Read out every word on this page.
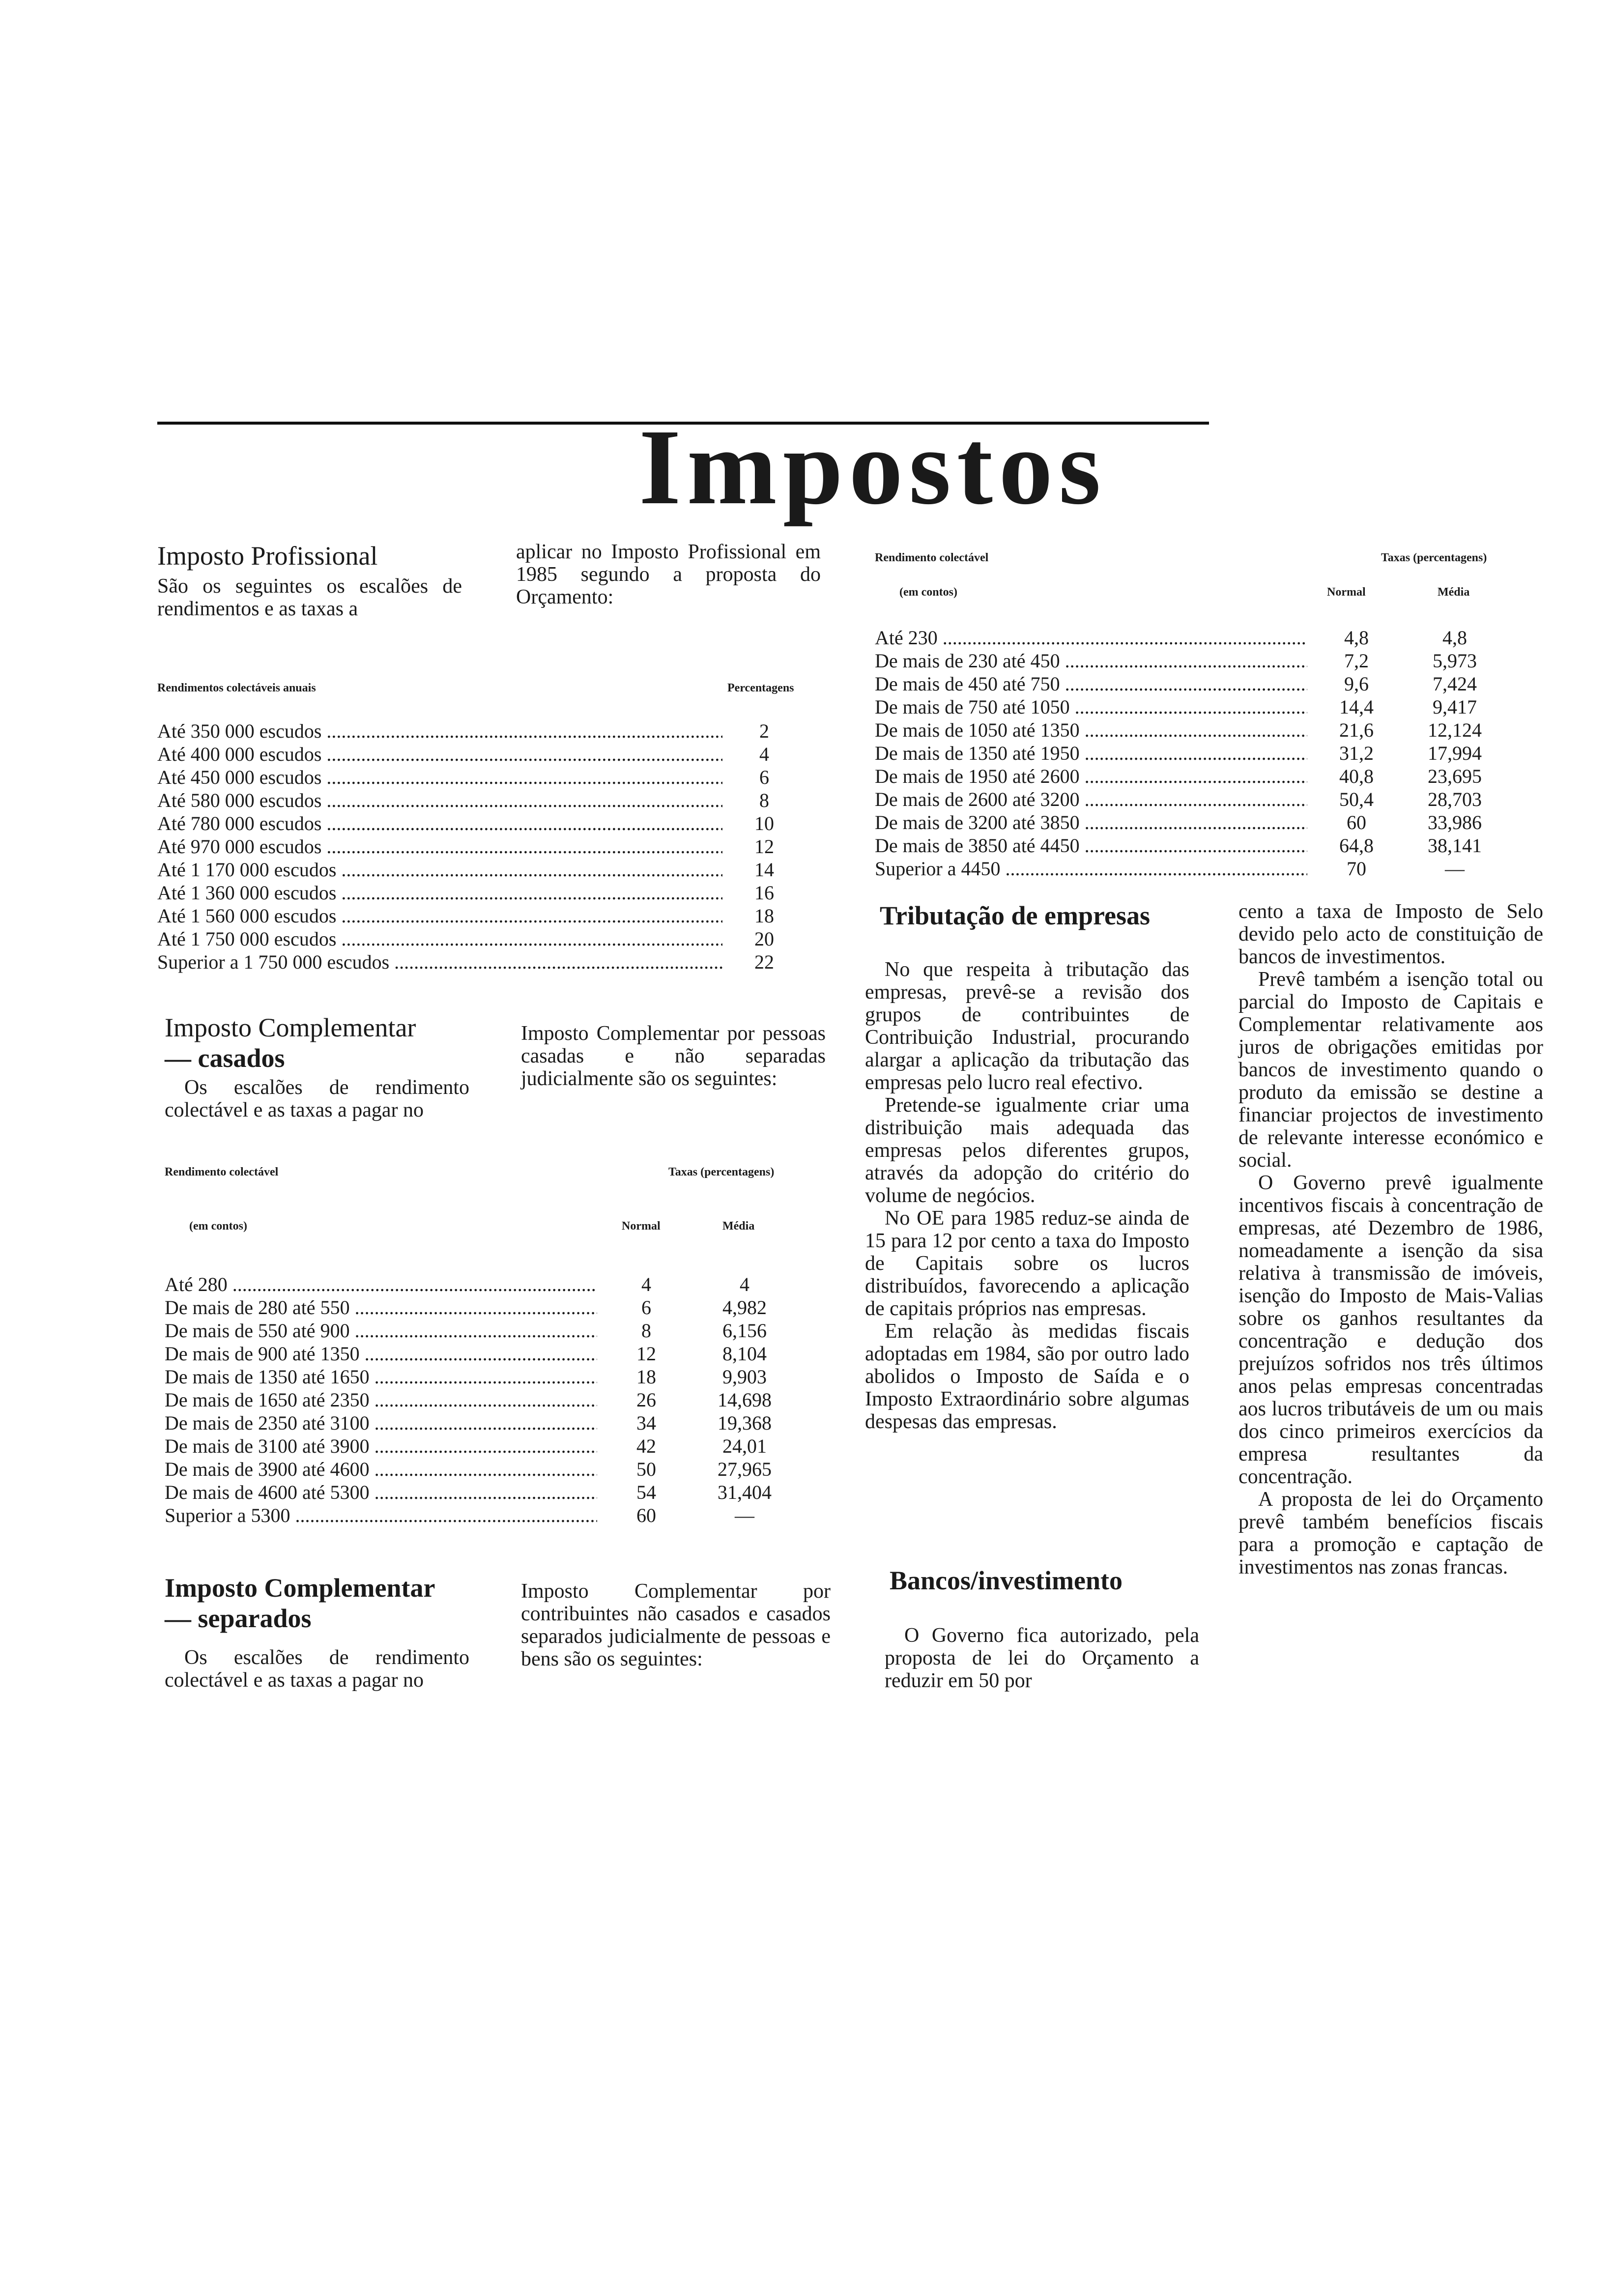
Impostos
Imposto Profissional
São os seguintes os escalões de rendimentos e as taxas a
aplicar no Imposto Profissional em 1985 segundo a proposta do Orçamento:
Rendimentos colectáveis anuais	Percentagens
Até 350 000 escudos .....	2
Até 400 000 escudos .....	4
Até 450 000 escudos .....	6
Até 580 000 escudos .....	8
Até 780 000 escudos .....	10
Até 970 000 escudos .....	12
Até 1 170 000 escudos .....	14
Até 1 360 000 escudos .....	16
Até 1 560 000 escudos .....	18
Até 1 750 000 escudos .....	20
Superior a 1 750 000 escudos .....	22
Imposto Complementar
— casados
Os escalões de rendimento colectável e as taxas a pagar no
Imposto Complementar por pessoas casadas e não separadas judicialmente são os seguintes:
Rendimento colectável	Taxas (percentagens)
(em contos)	Normal	Média
Até 280 .....	4	4
De mais de 280 até 550 .....	6	4,982
De mais de 550 até 900 .....	8	6,156
De mais de 900 até 1350 .....	12	8,104
De mais de 1350 até 1650 .....	18	9,903
De mais de 1650 até 2350 .....	26	14,698
De mais de 2350 até 3100 .....	34	19,368
De mais de 3100 até 3900 .....	42	24,01
De mais de 3900 até 4600 .....	50	27,965
De mais de 4600 até 5300 .....	54	31,404
Superior a 5300 .....	60	—
Imposto Complementar
— separados
Os escalões de rendimento colectável e as taxas a pagar no
Imposto Complementar por contribuintes não casados e casados separados judicialmente de pessoas e bens são os seguintes:
Rendimento colectável	Taxas (percentagens)
(em contos)	Normal	Média
Até 230 .....	4,8	4,8
De mais de 230 até 450 .....	7,2	5,973
De mais de 450 até 750 .....	9,6	7,424
De mais de 750 até 1050 .....	14,4	9,417
De mais de 1050 até 1350 .....	21,6	12,124
De mais de 1350 até 1950 .....	31,2	17,994
De mais de 1950 até 2600 .....	40,8	23,695
De mais de 2600 até 3200 .....	50,4	28,703
De mais de 3200 até 3850 .....	60	33,986
De mais de 3850 até 4450 .....	64,8	38,141
Superior a 4450 .....	70	—
Tributação de empresas

No que respeita à tributação das empresas, prevê-se a revisão dos grupos de contribuintes de Contribuição Industrial, procurando alargar a aplicação da tributação das empresas pelo lucro real efectivo.

Pretende-se igualmente criar uma distribuição mais adequada das empresas pelos diferentes grupos, através da adopção do critério do volume de negócios.

No OE para 1985 reduz-se ainda de 15 para 12 por cento a taxa do Imposto de Capitais sobre os lucros distribuídos, favorecendo a aplicação de capitais próprios nas empresas.

Em relação às medidas fiscais adoptadas em 1984, são por outro lado abolidos o Imposto de Saída e o Imposto Extraordinário sobre algumas despesas das empresas.

Bancos/investimento
O Governo fica autorizado, pela proposta de lei do Orçamento a reduzir em 50 por

cento a taxa de Imposto de Selo devido pelo acto de constituição de bancos de investimentos.

Prevê também a isenção total ou parcial do Imposto de Capitais e Complementar relativamente aos juros de obrigações emitidas por bancos de investimento quando o produto da emissão se destine a financiar projectos de investimento de relevante interesse económico e social.

O Governo prevê igualmente incentivos fiscais à concentração de empresas, até Dezembro de 1986, nomeadamente a isenção da sisa relativa à transmissão de imóveis, isenção do Imposto de Mais-Valias sobre os ganhos resultantes da concentração e dedução dos prejuízos sofridos nos três últimos anos pelas empresas concentradas aos lucros tributáveis de um ou mais dos cinco primeiros exercícios da empresa resultantes da concentração.

A proposta de lei do Orçamento prevê também benefícios fiscais para a promoção e captação de investimentos nas zonas francas.
